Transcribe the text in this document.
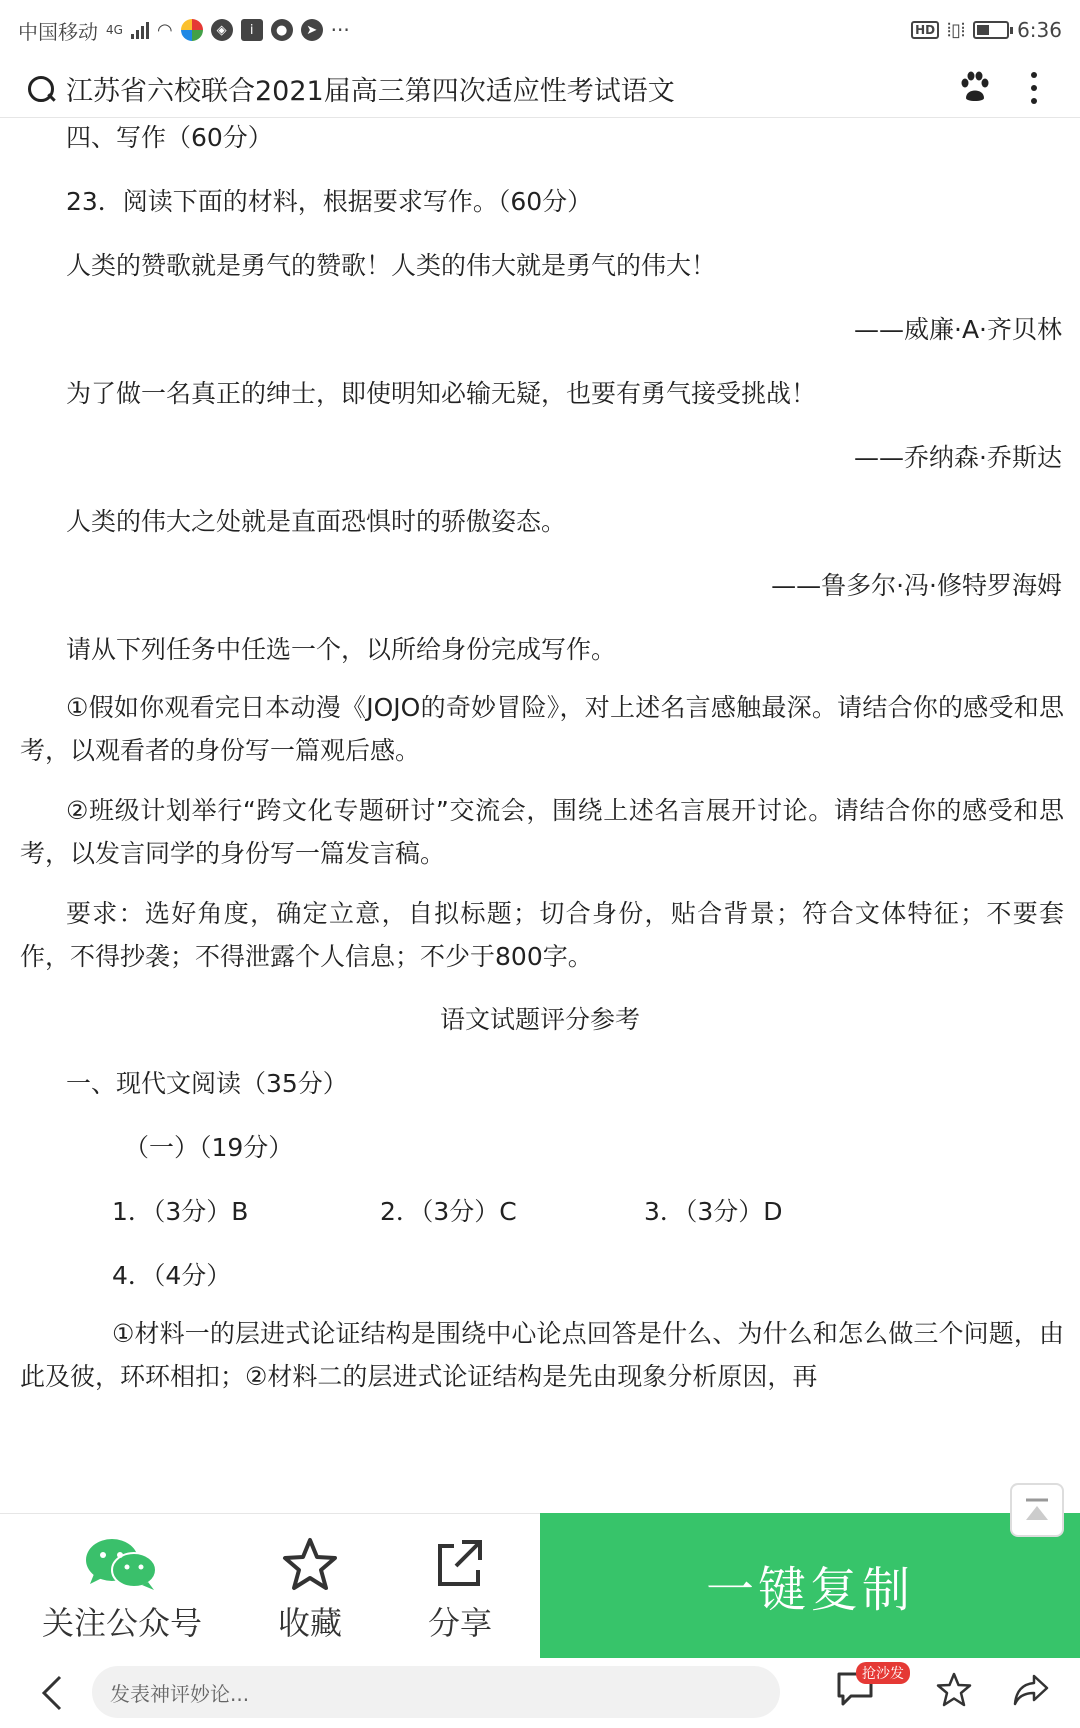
中国移动 4G ◠	◈	i	●	➤ ···	HD ⦙▯⦙	6:36
江苏省六校联合2021届高三第四次适应性考试语文
四、写作（60分）
23．阅读下面的材料，根据要求写作。（60分）
人类的赞歌就是勇气的赞歌！人类的伟大就是勇气的伟大！
——威廉·A·齐贝林
为了做一名真正的绅士，即使明知必输无疑，也要有勇气接受挑战！
——乔纳森·乔斯达
人类的伟大之处就是直面恐惧时的骄傲姿态。
——鲁多尔·冯·修特罗海姆
请从下列任务中任选一个，以所给身份完成写作。
①假如你观看完日本动漫《JOJO的奇妙冒险》，对上述名言感触最深。请结合你的感受和思考，以观看者的身份写一篇观后感。
②班级计划举行“跨文化专题研讨”交流会，围绕上述名言展开讨论。请结合你的感受和思考，以发言同学的身份写一篇发言稿。
要求：选好角度，确定立意，自拟标题；切合身份，贴合背景；符合文体特征；不要套作，不得抄袭；不得泄露个人信息；不少于800字。
语文试题评分参考
一、现代文阅读（35分）
（一）（19分）
1．（3分）B	2．（3分）C	3．（3分）D
4．（4分）
①材料一的层进式论证结构是围绕中心论点回答是什么、为什么和怎么做三个问题，由此及彼，环环相扣；②材料二的层进式论证结构是先由现象分析原因，再
关注公众号 收藏	分享
一键复制
发表神评妙论...
抢沙发
